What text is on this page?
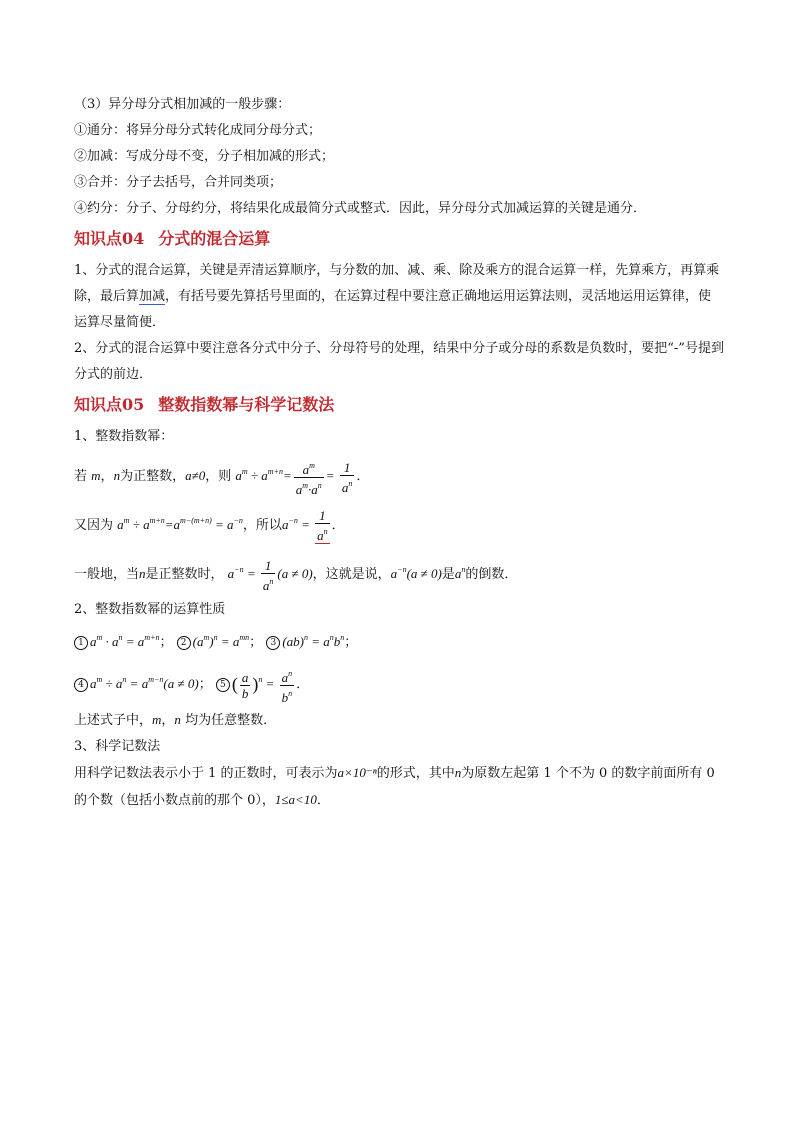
（3）异分母分式相加减的一般步骤：
①通分：将异分母分式转化成同分母分式；
②加减：写成分母不变，分子相加减的形式；
③合并：分子去括号，合并同类项；
④约分：分子、分母约分，将结果化成最简分式或整式．因此，异分母分式加减运算的关键是通分．
知识点04 分式的混合运算
1、分式的混合运算，关键是弄清运算顺序，与分数的加、减、乘、除及乘方的混合运算一样，先算乘方，再算乘除，最后算加减，有括号要先算括号里面的，在运算过程中要注意正确地运用运算法则，灵活地运用运算律，使运算尽量简便．
2、分式的混合运算中要注意各分式中分子、分母符号的处理，结果中分子或分母的系数是负数时，要把“-”号提到分式的前边．
知识点05 整数指数幂与科学记数法
1、整数指数幂：
若 m，n为正整数，a≠0，则 $a^m \div a^{m+n}= \frac{a^m}{a^m\cdot a^n} = \frac{1}{a^n}$ ．
又因为 $a^m \div a^{m+n}=a^{m-(m+n)} = a^{-n}$，所以$a^{-n} = \frac{1}{a^n}$ ．
一般地，当n是正整数时， $a^{-n} = \frac{1}{a^n} (a \ne 0)$，这就是说，$a^{-n}(a \ne 0)$是$a^n$的倒数．
2、整数指数幂的运算性质
1 $a^m \cdot a^n = a^{m+n}$； 2 $(a^m)^n = a^{mn}$； 3 $(ab)^n = a^nb^n$；
4 $a^m \div a^n = a^{m-n}(a \ne 0)$； 5 ( $\frac{a}{b} )^n = \frac{a^n}{b^n}$ ．
上述式子中，m，n 均为任意整数．
3、科学记数法
用科学记数法表示小于 1 的正数时，可表示为a×10⁻ⁿ的形式，其中n为原数左起第 1 个不为 0 的数字前面所有 0 的个数（包括小数点前的那个 0），1≤a<10．
